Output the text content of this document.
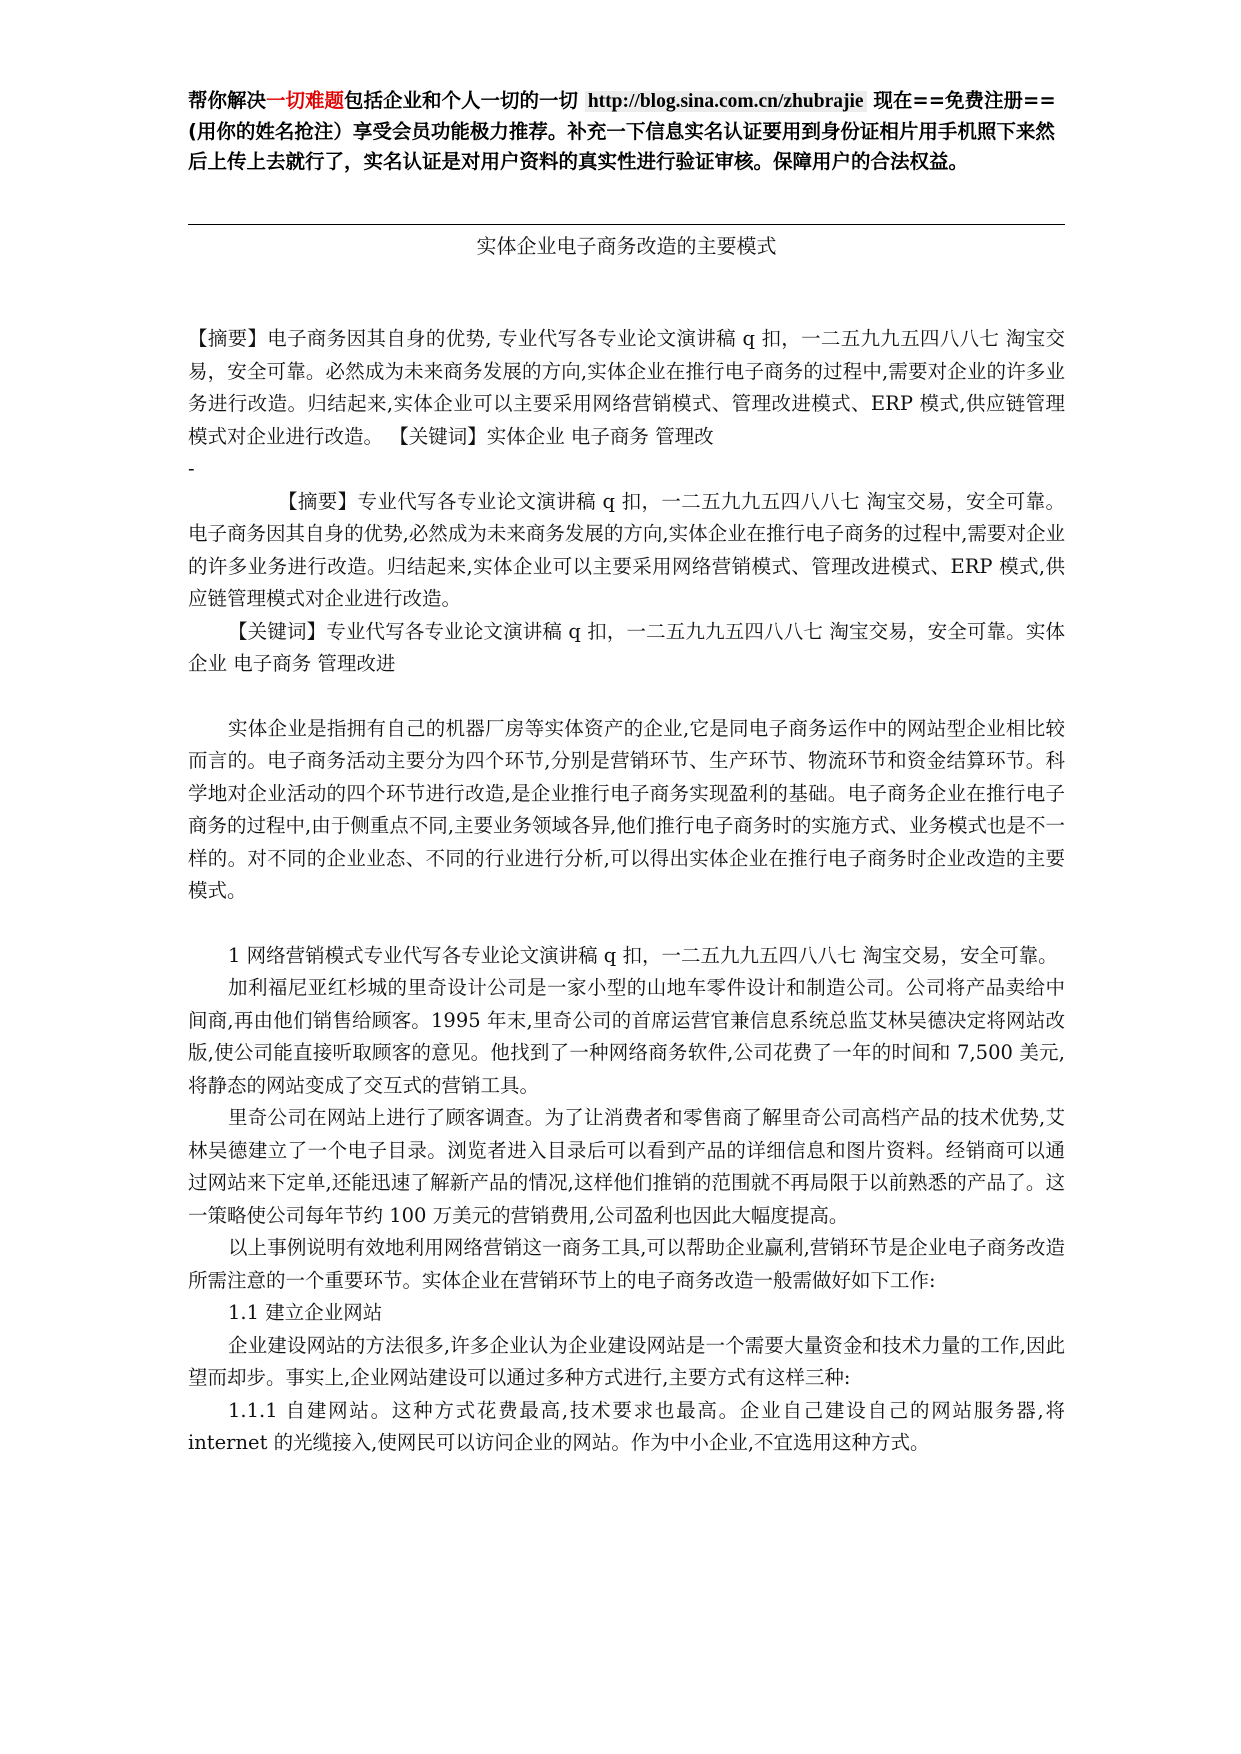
帮你解决一切难题包括企业和个人一切的一切 http://blog.sina.com.cn/zhubrajie 现在==免费注册==(用你的姓名抢注）享受会员功能极力推荐。补充一下信息实名认证要用到身份证相片用手机照下来然后上传上去就行了，实名认证是对用户资料的真实性进行验证审核。保障用户的合法权益。
实体企业电子商务改造的主要模式

【摘要】电子商务因其自身的优势, 专业代写各专业论文演讲稿 q 扣，一二五九九五四八八七 淘宝交易，安全可靠。必然成为未来商务发展的方向,实体企业在推行电子商务的过程中,需要对企业的许多业务进行改造。归结起来,实体企业可以主要采用网络营销模式、管理改进模式、ERP 模式,供应链管理模式对企业进行改造。 【关键词】实体企业 电子商务 管理改

-

【摘要】专业代写各专业论文演讲稿 q 扣，一二五九九五四八八七 淘宝交易，安全可靠。电子商务因其自身的优势,必然成为未来商务发展的方向,实体企业在推行电子商务的过程中,需要对企业的许多业务进行改造。归结起来,实体企业可以主要采用网络营销模式、管理改进模式、ERP 模式,供应链管理模式对企业进行改造。

【关键词】专业代写各专业论文演讲稿 q 扣，一二五九九五四八八七 淘宝交易，安全可靠。实体企业 电子商务 管理改进

实体企业是指拥有自己的机器厂房等实体资产的企业,它是同电子商务运作中的网站型企业相比较而言的。电子商务活动主要分为四个环节,分别是营销环节、生产环节、物流环节和资金结算环节。科学地对企业活动的四个环节进行改造,是企业推行电子商务实现盈利的基础。电子商务企业在推行电子商务的过程中,由于侧重点不同,主要业务领域各异,他们推行电子商务时的实施方式、业务模式也是不一样的。对不同的企业业态、不同的行业进行分析,可以得出实体企业在推行电子商务时企业改造的主要模式。

1 网络营销模式专业代写各专业论文演讲稿 q 扣，一二五九九五四八八七 淘宝交易，安全可靠。

加利福尼亚红杉城的里奇设计公司是一家小型的山地车零件设计和制造公司。公司将产品卖给中间商,再由他们销售给顾客。1995 年末,里奇公司的首席运营官兼信息系统总监艾林吴德决定将网站改版,使公司能直接听取顾客的意见。他找到了一种网络商务软件,公司花费了一年的时间和 7,500 美元,将静态的网站变成了交互式的营销工具。

里奇公司在网站上进行了顾客调查。为了让消费者和零售商了解里奇公司高档产品的技术优势,艾林吴德建立了一个电子目录。浏览者进入目录后可以看到产品的详细信息和图片资料。经销商可以通过网站来下定单,还能迅速了解新产品的情况,这样他们推销的范围就不再局限于以前熟悉的产品了。这一策略使公司每年节约 100 万美元的营销费用,公司盈利也因此大幅度提高。

以上事例说明有效地利用网络营销这一商务工具,可以帮助企业赢利,营销环节是企业电子商务改造所需注意的一个重要环节。实体企业在营销环节上的电子商务改造一般需做好如下工作:

1.1 建立企业网站

企业建设网站的方法很多,许多企业认为企业建设网站是一个需要大量资金和技术力量的工作,因此望而却步。事实上,企业网站建设可以通过多种方式进行,主要方式有这样三种:

1.1.1 自建网站。这种方式花费最高,技术要求也最高。企业自己建设自己的网站服务器,将 internet 的光缆接入,使网民可以访问企业的网站。作为中小企业,不宜选用这种方式。
